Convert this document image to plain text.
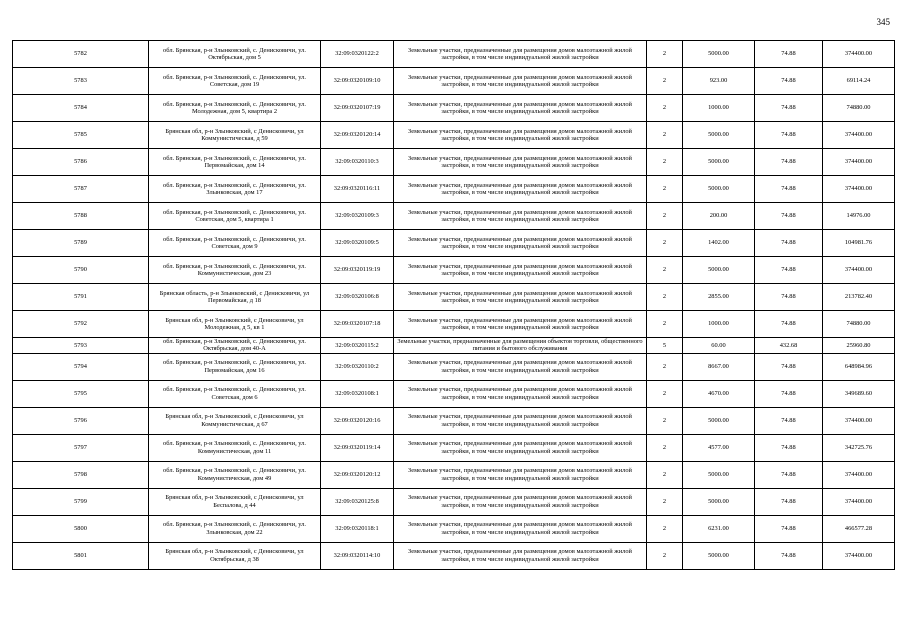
345
5782	обл. Брянская, р-н Злынковский, с. Денисковичи, ул. Октябрьская, дом 5	32:09:0320122:2	Земельные участки, предназначенные для размещения домов малоэтажной жилой застройки, в том числе индивидуальной жилой застройки	2	5000.00	74.88	374400.00
5783	обл. Брянская, р-н Злынковский, с. Денисковичи, ул. Советская, дом 19	32:09:0320109:10	Земельные участки, предназначенные для размещения домов малоэтажной жилой застройки, в том числе индивидуальной жилой застройки	2	923.00	74.88	69114.24
5784	обл. Брянская, р-н Злынковский, с. Денисковичи, ул. Молодежная, дом 5, квартира 2	32:09:0320107:19	Земельные участки, предназначенные для размещения домов малоэтажной жилой застройки, в том числе индивидуальной жилой застройки	2	1000.00	74.88	74880.00
5785	Брянская обл, р-н Злынковский, с Денисковичи, ул Коммунистическая, д 59	32:09:0320120:14	Земельные участки, предназначенные для размещения домов малоэтажной жилой застройки, в том числе индивидуальной жилой застройки	2	5000.00	74.88	374400.00
5786	обл. Брянская, р-н Злынковский, с. Денисковичи, ул. Первомайская, дом 14	32:09:0320110:3	Земельные участки, предназначенные для размещения домов малоэтажной жилой застройки, в том числе индивидуальной жилой застройки	2	5000.00	74.88	374400.00
5787	обл. Брянская, р-н Злынковский, с. Денисковичи, ул. Злынковская, дом 17	32:09:0320116:11	Земельные участки, предназначенные для размещения домов малоэтажной жилой застройки, в том числе индивидуальной жилой застройки	2	5000.00	74.88	374400.00
5788	обл. Брянская, р-н Злынковский, с. Денисковичи, ул. Советская, дом 5, квартира 1	32:09:0320109:3	Земельные участки, предназначенные для размещения домов малоэтажной жилой застройки, в том числе индивидуальной жилой застройки	2	200.00	74.88	14976.00
5789	обл. Брянская, р-н Злынковский, с. Денисковичи, ул. Советская, дом 9	32:09:0320109:5	Земельные участки, предназначенные для размещения домов малоэтажной жилой застройки, в том числе индивидуальной жилой застройки	2	1402.00	74.88	104981.76
5790	обл. Брянская, р-н Злынковский, с. Денисковичи, ул. Коммунистическая, дом 23	32:09:0320119:19	Земельные участки, предназначенные для размещения домов малоэтажной жилой застройки, в том числе индивидуальной жилой застройки	2	5000.00	74.88	374400.00
5791	Брянская область, р-н Злынковский, с Денисковичи, ул Первомайская, д 18	32:09:0320106:8	Земельные участки, предназначенные для размещения домов малоэтажной жилой застройки, в том числе индивидуальной жилой застройки	2	2855.00	74.88	213782.40
5792	Брянская обл, р-н Злынковский, с Денисковичи, ул Молодежная, д 5, кв 1	32:09:0320107:18	Земельные участки, предназначенные для размещения домов малоэтажной жилой застройки, в том числе индивидуальной жилой застройки	2	1000.00	74.88	74880.00
5793	обл. Брянская, р-н Злынковский, с. Денисковичи, ул. Октябрьская, дом 40-А	32:09:0320115:2	Земельные участки, предназначенные для размещения объектов торговли, общественного питания и бытового обслуживания	5	60.00	432.68	25960.80
5794	обл. Брянская, р-н Злынковский, с. Денисковичи, ул. Первомайская, дом 16	32:09:0320110:2	Земельные участки, предназначенные для размещения домов малоэтажной жилой застройки, в том числе индивидуальной жилой застройки	2	8667.00	74.88	648984.96
5795	обл. Брянская, р-н Злынковский, с. Денисковичи, ул. Советская, дом 6	32:09:0320108:1	Земельные участки, предназначенные для размещения домов малоэтажной жилой застройки, в том числе индивидуальной жилой застройки	2	4670.00	74.88	349689.60
5796	Брянская обл, р-н Злынковский, с Денисковичи, ул Коммунистическая, д 67	32:09:0320120:16	Земельные участки, предназначенные для размещения домов малоэтажной жилой застройки, в том числе индивидуальной жилой застройки	2	5000.00	74.88	374400.00
5797	обл. Брянская, р-н Злынковский, с. Денисковичи, ул. Коммунистическая, дом 11	32:09:0320119:14	Земельные участки, предназначенные для размещения домов малоэтажной жилой застройки, в том числе индивидуальной жилой застройки	2	4577.00	74.88	342725.76
5798	обл. Брянская, р-н Злынковский, с. Денисковичи, ул. Коммунистическая, дом 49	32:09:0320120:12	Земельные участки, предназначенные для размещения домов малоэтажной жилой застройки, в том числе индивидуальной жилой застройки	2	5000.00	74.88	374400.00
5799	Брянская обл, р-н Злынковский, с Денисковичи, ул Беспалова, д 44	32:09:0320125:8	Земельные участки, предназначенные для размещения домов малоэтажной жилой застройки, в том числе индивидуальной жилой застройки	2	5000.00	74.88	374400.00
5800	обл. Брянская, р-н Злынковский, с. Денисковичи, ул. Злынковская, дом 22	32:09:0320118:1	Земельные участки, предназначенные для размещения домов малоэтажной жилой застройки, в том числе индивидуальной жилой застройки	2	6231.00	74.88	466577.28
5801	Брянская обл, р-н Злынковский, с Денисковичи, ул Октябрьская, д 38	32:09:0320114:10	Земельные участки, предназначенные для размещения домов малоэтажной жилой застройки, в том числе индивидуальной жилой застройки	2	5000.00	74.88	374400.00
